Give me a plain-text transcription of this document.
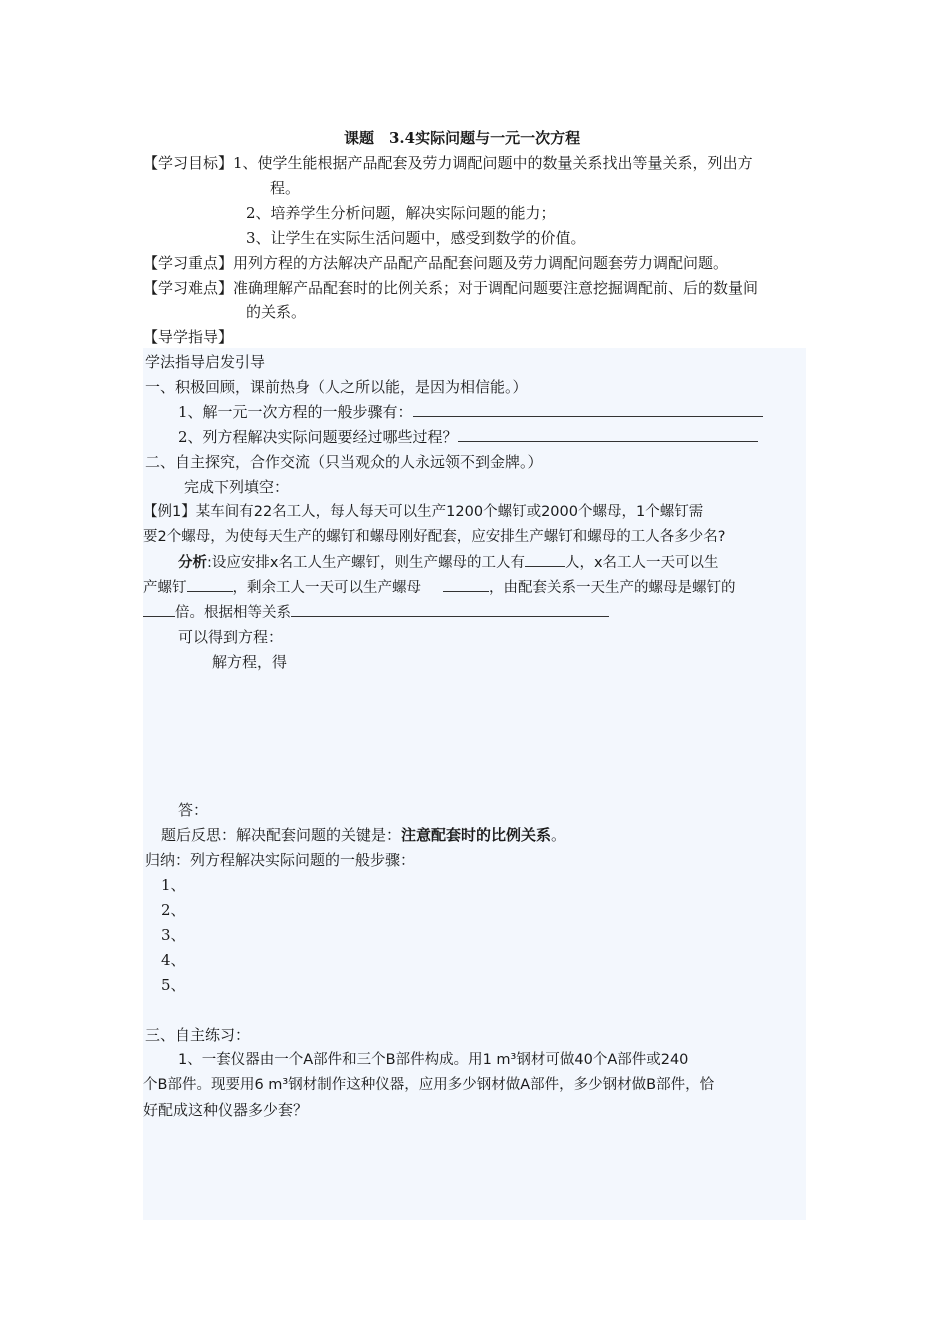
课题　3.4实际问题与一元一次方程
【学习目标】1、使学生能根据产品配套及劳力调配问题中的数量关系找出等量关系，列出方
程。
2、培养学生分析问题，解决实际问题的能力；
3、让学生在实际生活问题中，感受到数学的价值。
【学习重点】用列方程的方法解决产品配产品配套问题及劳力调配问题套劳力调配问题。
【学习难点】准确理解产品配套时的比例关系；对于调配问题要注意挖掘调配前、后的数量间
的关系。
【导学指导】
学法指导启发引导
一、积极回顾，课前热身（人之所以能，是因为相信能。）
1、解一元一次方程的一般步骤有：
2、列方程解决实际问题要经过哪些过程？
二、自主探究，合作交流（只当观众的人永远领不到金牌。）
完成下列填空：
【例1】某车间有22名工人，每人每天可以生产1200个螺钉或2000个螺母，1个螺钉需
要2个螺母，为使每天生产的螺钉和螺母刚好配套，应安排生产螺钉和螺母的工人各多少名?
分析:设应安排x名工人生产螺钉，则生产螺母的工人有	人，x名工人一天可以生
产螺钉	，剩余工人一天可以生产螺母	，由配套关系一天生产的螺母是螺钉的
倍。根据相等关系
可以得到方程：
解方程，得
答：
题后反思：解决配套问题的关键是：注意配套时的比例关系。
归纳：列方程解决实际问题的一般步骤：
1、
2、
3、
4、
5、
三、自主练习：
1、一套仪器由一个A部件和三个B部件构成。用1 m³钢材可做40个A部件或240
个B部件。现要用6 m³钢材制作这种仪器，应用多少钢材做A部件，多少钢材做B部件，恰
好配成这种仪器多少套？
